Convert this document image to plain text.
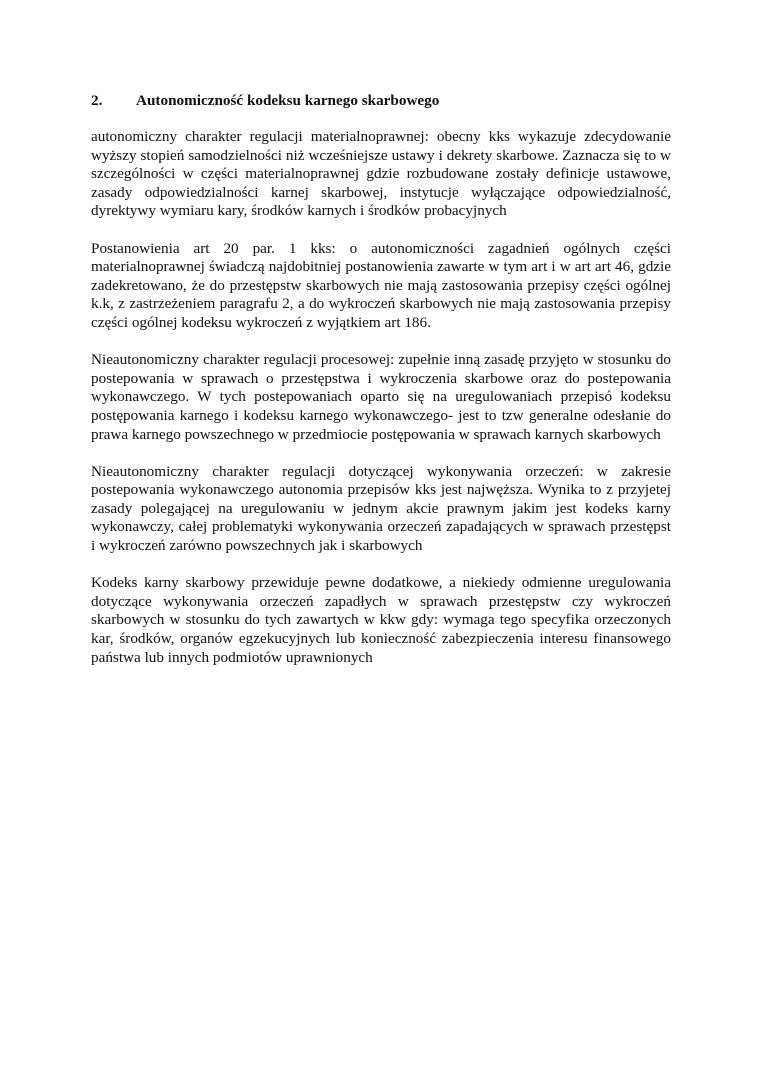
2.	Autonomiczność kodeksu karnego skarbowego

autonomiczny charakter regulacji materialnoprawnej: obecny kks wykazuje zdecydowanie wyższy stopień samodzielności niż wcześniejsze ustawy i dekrety skarbowe. Zaznacza się to w szczególności w części materialnoprawnej gdzie rozbudowane zostały definicje ustawowe, zasady odpowiedzialności karnej skarbowej, instytucje wyłączające odpowiedzialność, dyrektywy wymiaru kary, środków karnych i środków probacyjnych

Postanowienia art 20 par. 1 kks: o autonomiczności zagadnień ogólnych części materialnoprawnej świadczą najdobitniej postanowienia zawarte w tym art i w art art 46, gdzie zadekretowano, że do przestępstw skarbowych nie mają zastosowania przepisy części ogólnej k.k, z zastrzeżeniem paragrafu 2, a do wykroczeń skarbowych nie mają zastosowania przepisy części ogólnej kodeksu wykroczeń z wyjątkiem art 186.

Nieautonomiczny charakter regulacji procesowej: zupełnie inną zasadę przyjęto w stosunku do postepowania w sprawach o przestępstwa i wykroczenia skarbowe oraz do postepowania wykonawczego. W tych postepowaniach oparto się na uregulowaniach przepisó kodeksu postępowania karnego i kodeksu karnego wykonawczego- jest to tzw generalne odesłanie do prawa karnego powszechnego w przedmiocie postępowania w sprawach karnych skarbowych

Nieautonomiczny charakter regulacji dotyczącej wykonywania orzeczeń: w zakresie postepowania wykonawczego autonomia przepisów kks jest najwęższa. Wynika to z przyjetej zasady polegającej na uregulowaniu w jednym akcie prawnym jakim jest kodeks karny wykonawczy, całej problematyki wykonywania orzeczeń zapadających w sprawach przestępst i wykroczeń zarówno powszechnych jak i skarbowych

Kodeks karny skarbowy przewiduje pewne dodatkowe, a niekiedy odmienne uregulowania dotyczące wykonywania orzeczeń zapadłych w sprawach przestępstw czy wykroczeń skarbowych w stosunku do tych zawartych w kkw gdy: wymaga tego specyfika orzeczonych kar, środków, organów egzekucyjnych lub konieczność zabezpieczenia interesu finansowego państwa lub innych podmiotów uprawnionych
